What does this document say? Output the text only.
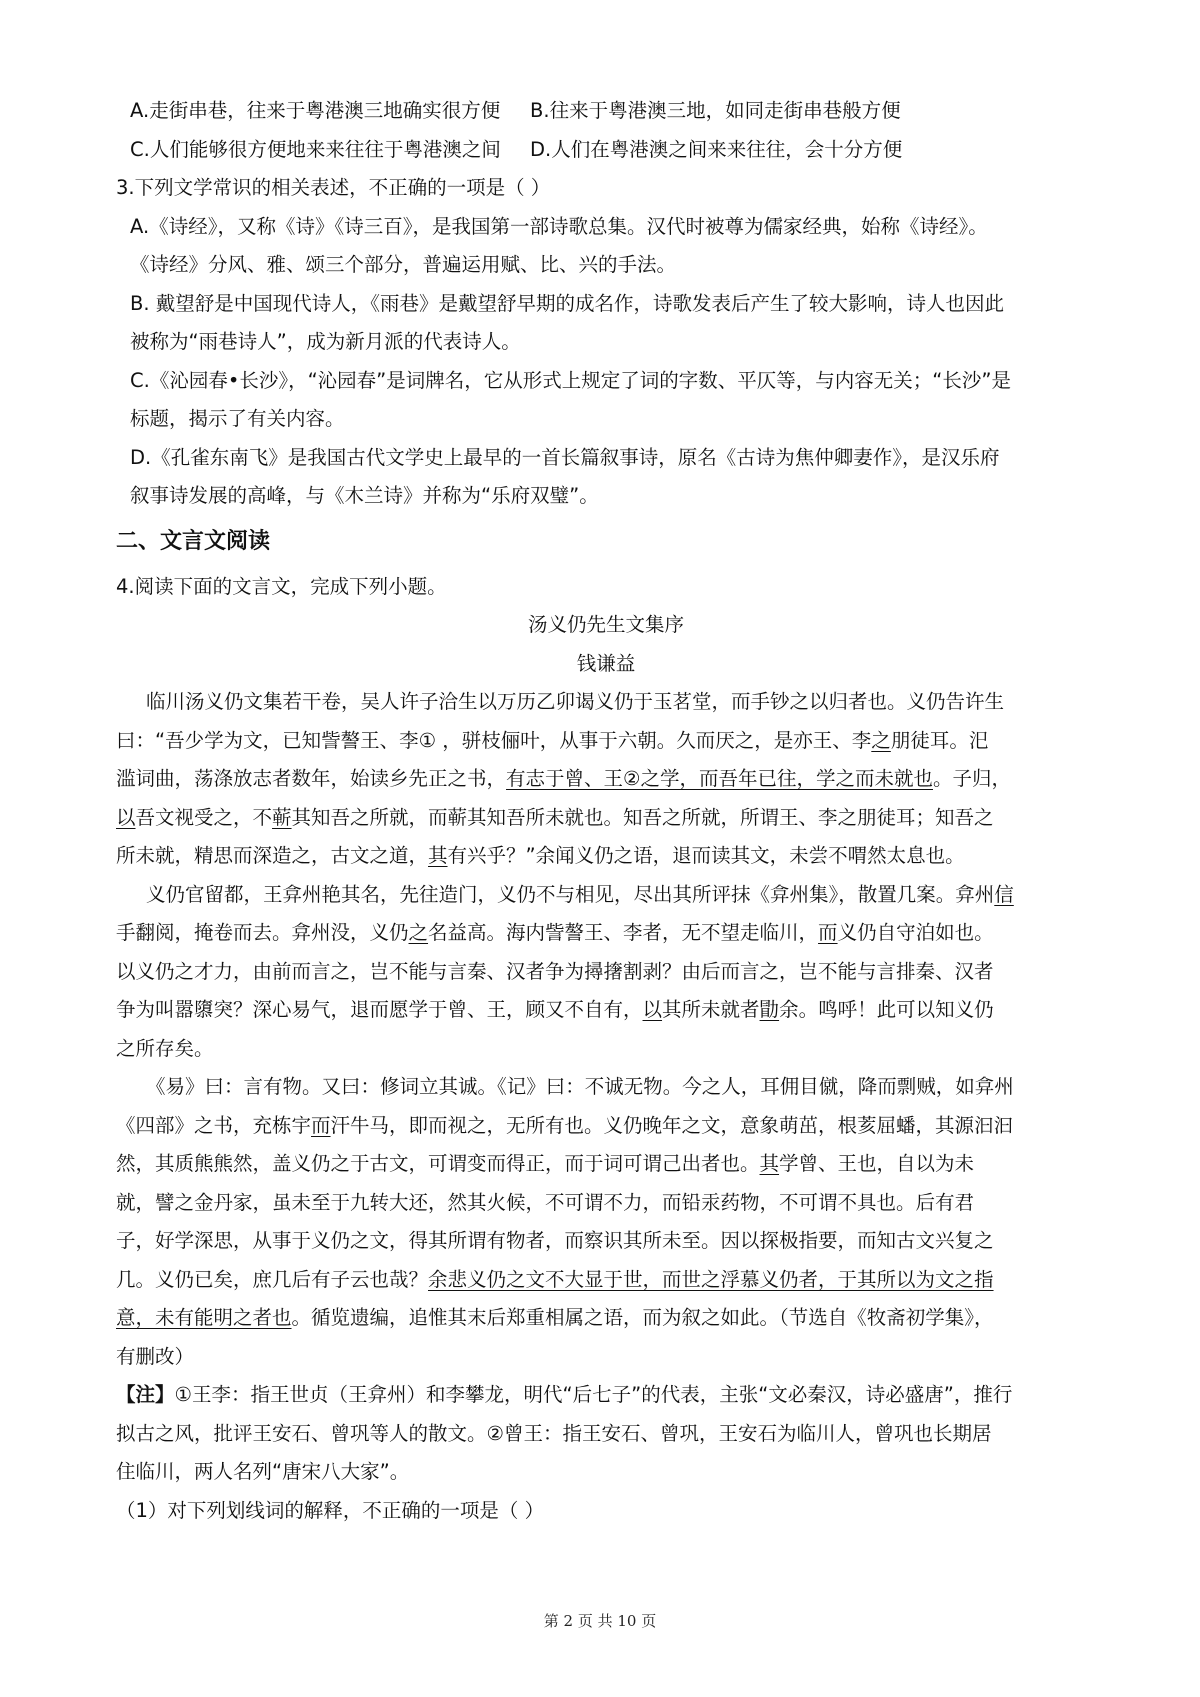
A.走街串巷，往来于粤港澳三地确实很方便	B.往来于粤港澳三地，如同走街串巷般方便
C.人们能够很方便地来来往往于粤港澳之间	D.人们在粤港澳之间来来往往，会十分方便
3.下列文学常识的相关表述，不正确的一项是（ ）
A.《诗经》，又称《诗》《诗三百》，是我国第一部诗歌总集。汉代时被尊为儒家经典，始称《诗经》。
《诗经》分风、雅、颂三个部分，普遍运用赋、比、兴的手法。
B. 戴望舒是中国现代诗人，《雨巷》是戴望舒早期的成名作，诗歌发表后产生了较大影响，诗人也因此
被称为“雨巷诗人”，成为新月派的代表诗人。
C.《沁园春•长沙》，“沁园春”是词牌名，它从形式上规定了词的字数、平仄等，与内容无关；“长沙”是
标题，揭示了有关内容。
D.《孔雀东南飞》是我国古代文学史上最早的一首长篇叙事诗，原名《古诗为焦仲卿妻作》，是汉乐府
叙事诗发展的高峰，与《木兰诗》并称为“乐府双璧”。
二、文言文阅读
4.阅读下面的文言文，完成下列小题。
汤义仍先生文集序
钱谦益
临川汤义仍文集若干卷，吴人许子洽生以万历乙卯谒义仍于玉茗堂，而手钞之以归者也。义仍告许生
曰：“吾少学为文，已知訾謷王、李① ，骈枝俪叶，从事于六朝。久而厌之，是亦王、李之朋徒耳。汜
滥词曲，荡涤放志者数年，始读乡先正之书，有志于曾、王②之学，而吾年已往，学之而未就也。子归，
以吾文视受之，不蕲其知吾之所就，而蕲其知吾所未就也。知吾之所就，所谓王、李之朋徒耳；知吾之
所未就，精思而深造之，古文之道，其有兴乎？”余闻义仍之语，退而读其文，未尝不喟然太息也。
义仍官留都，王弇州艳其名，先往造门，义仍不与相见，尽出其所评抹《弇州集》，散置几案。弇州信
手翻阅，掩卷而去。弇州没，义仍之名益高。海内訾謷王、李者，无不望走临川，而义仍自守泊如也。
以义仍之才力，由前而言之，岂不能与言秦、汉者争为撏撦割剥？由后而言之，岂不能与言排秦、汉者
争为叫嚣隳突？深心易气，退而愿学于曾、王，顾又不自有，以其所未就者勖余。鸣呼！此可以知义仍
之所存矣。
《易》曰：言有物。又曰：修词立其诚。《记》曰：不诚无物。今之人，耳佣目僦，降而剽贼，如弇州
《四部》之书，充栋宇而汗牛马，即而视之，无所有也。义仍晚年之文，意象萌茁，根荄屈蟠，其源汩汩
然，其质熊熊然，盖义仍之于古文，可谓变而得正，而于词可谓己出者也。其学曾、王也，自以为未
就，譬之金丹家，虽未至于九转大还，然其火候，不可谓不力，而铅汞药物，不可谓不具也。后有君
子，好学深思，从事于义仍之文，得其所谓有物者，而察识其所未至。因以探极指要，而知古文兴复之
几。义仍已矣，庶几后有子云也哉？余悲义仍之文不大显于世，而世之浮慕义仍者，于其所以为文之指
意，未有能明之者也。循览遗编，追惟其末后郑重相属之语，而为叙之如此。（节选自《牧斋初学集》，
有删改）
【注】①王李：指王世贞（王弇州）和李攀龙，明代“后七子”的代表，主张“文必秦汉，诗必盛唐”，推行
拟古之风，批评王安石、曾巩等人的散文。②曾王：指王安石、曾巩，王安石为临川人，曾巩也长期居
住临川，两人名列“唐宋八大家”。
（1）对下列划线词的解释，不正确的一项是（ ）
第 2 页 共 10 页
